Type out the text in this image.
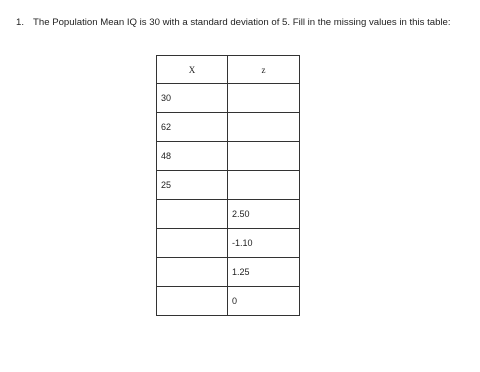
1. The Population Mean IQ is 30 with a standard deviation of 5. Fill in the missing values in this table:
X	z
30	
62	
48	
25	
	2.50
	-1.10
	1.25
	0
